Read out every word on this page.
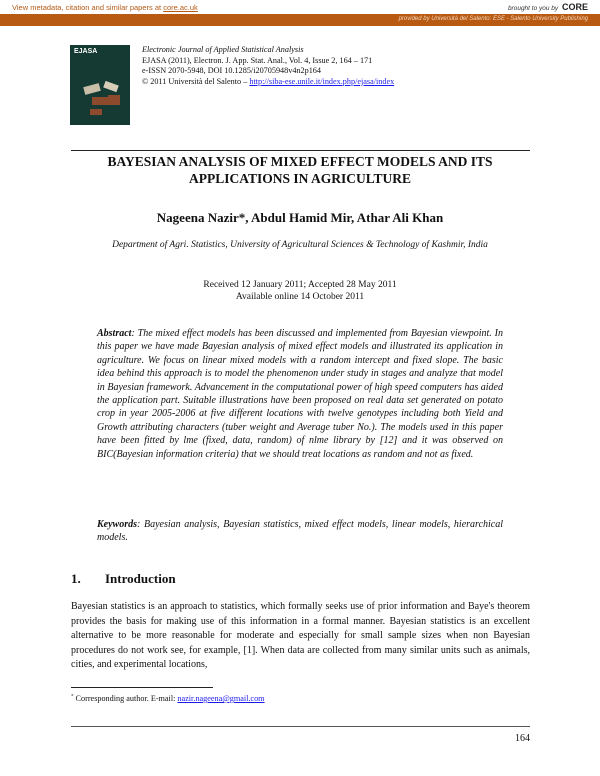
View metadata, citation and similar papers at core.ac.uk	brought to you by CORE
provided by Università del Salento: ESE - Salento University Publishing
EJASA	Electronic Journal of Applied Statistical Analysis
EJASA (2011), Electron. J. App. Stat. Anal., Vol. 4, Issue 2, 164 – 171
e-ISSN 2070-5948, DOI 10.1285/i20705948v4n2p164
© 2011 Università del Salento – http://siba-ese.unile.it/index.php/ejasa/index
BAYESIAN ANALYSIS OF MIXED EFFECT MODELS AND ITS
APPLICATIONS IN AGRICULTURE
Nageena Nazir*, Abdul Hamid Mir, Athar Ali Khan
Department of Agri. Statistics, University of Agricultural Sciences & Technology of Kashmir, India
Received 12 January 2011; Accepted 28 May 2011
Available online 14 October 2011
Abstract: The mixed effect models has been discussed and implemented from Bayesian viewpoint. In this paper we have made Bayesian analysis of mixed effect models and illustrated its application in agriculture. We focus on linear mixed models with a random intercept and fixed slope. The basic idea behind this approach is to model the phenomenon under study in stages and analyze that model in Bayesian framework. Advancement in the computational power of high speed computers has aided the application part. Suitable illustrations have been proposed on real data set generated on potato crop in year 2005-2006 at five different locations with twelve genotypes including both Yield and Growth attributing characters (tuber weight and Average tuber No.). The models used in this paper have been fitted by lme (fixed, data, random) of nlme library by [12] and it was observed on BIC(Bayesian information criteria) that we should treat locations as random and not as fixed.
Keywords: Bayesian analysis, Bayesian statistics, mixed effect models, linear models, hierarchical models.
1. Introduction
Bayesian statistics is an approach to statistics, which formally seeks use of prior information and Baye's theorem provides the basis for making use of this information in a formal manner. Bayesian statistics is an excellent alternative to be more reasonable for moderate and especially for small sample sizes when non Bayesian procedures do not work see, for example, [1]. When data are collected from many similar units such as animals, cities, and experimental locations,
* Corresponding author. E-mail: nazir.nageena@gmail.com
164
